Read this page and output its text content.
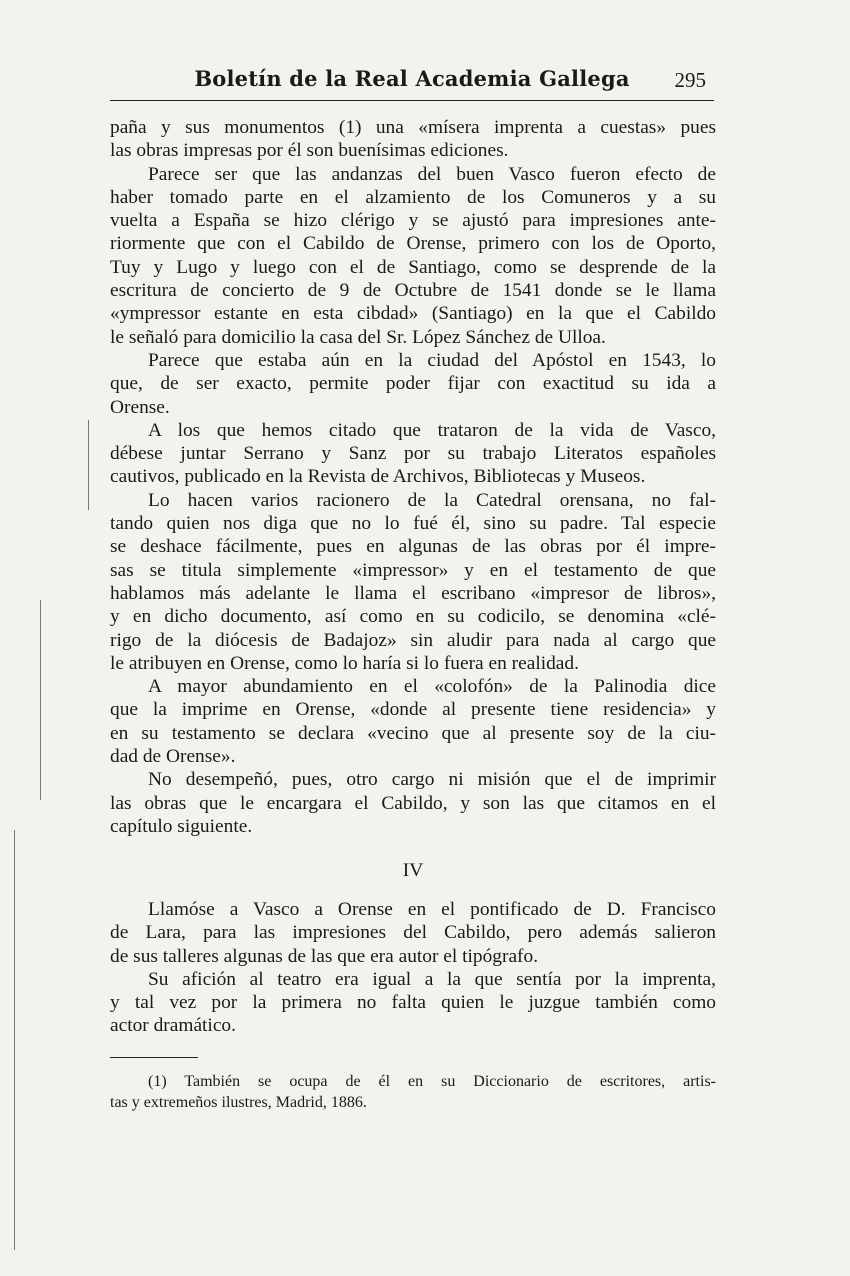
Boletín de la Real Academia Gallega	295
paña y sus monumentos (1) una «mísera imprenta a cuestas» pues
las obras impresas por él son buenísimas ediciones.
Parece ser que las andanzas del buen Vasco fueron efecto de
haber tomado parte en el alzamiento de los Comuneros y a su
vuelta a España se hizo clérigo y se ajustó para impresiones ante-
riormente que con el Cabildo de Orense, primero con los de Oporto,
Tuy y Lugo y luego con el de Santiago, como se desprende de la
escritura de concierto de 9 de Octubre de 1541 donde se le llama
«ympressor estante en esta cibdad» (Santiago) en la que el Cabildo
le señaló para domicilio la casa del Sr. López Sánchez de Ulloa.
Parece que estaba aún en la ciudad del Apóstol en 1543, lo
que, de ser exacto, permite poder fijar con exactitud su ida a
Orense.
A los que hemos citado que trataron de la vida de Vasco,
débese juntar Serrano y Sanz por su trabajo Literatos españoles
cautivos, publicado en la Revista de Archivos, Bibliotecas y Museos.
Lo hacen varios racionero de la Catedral orensana, no fal-
tando quien nos diga que no lo fué él, sino su padre. Tal especie
se deshace fácilmente, pues en algunas de las obras por él impre-
sas se titula simplemente «impressor» y en el testamento de que
hablamos más adelante le llama el escribano «impresor de libros»,
y en dicho documento, así como en su codicilo, se denomina «clé-
rigo de la diócesis de Badajoz» sin aludir para nada al cargo que
le atribuyen en Orense, como lo haría si lo fuera en realidad.
A mayor abundamiento en el «colofón» de la Palinodia dice
que la imprime en Orense, «donde al presente tiene residencia» y
en su testamento se declara «vecino que al presente soy de la ciu-
dad de Orense».
No desempeñó, pues, otro cargo ni misión que el de imprimir
las obras que le encargara el Cabildo, y son las que citamos en el
capítulo siguiente.
IV
Llamóse a Vasco a Orense en el pontificado de D. Francisco
de Lara, para las impresiones del Cabildo, pero además salieron
de sus talleres algunas de las que era autor el tipógrafo.
Su afición al teatro era igual a la que sentía por la imprenta,
y tal vez por la primera no falta quien le juzgue también como
actor dramático.
(1) También se ocupa de él en su Diccionario de escritores, artis-
tas y extremeños ilustres, Madrid, 1886.
